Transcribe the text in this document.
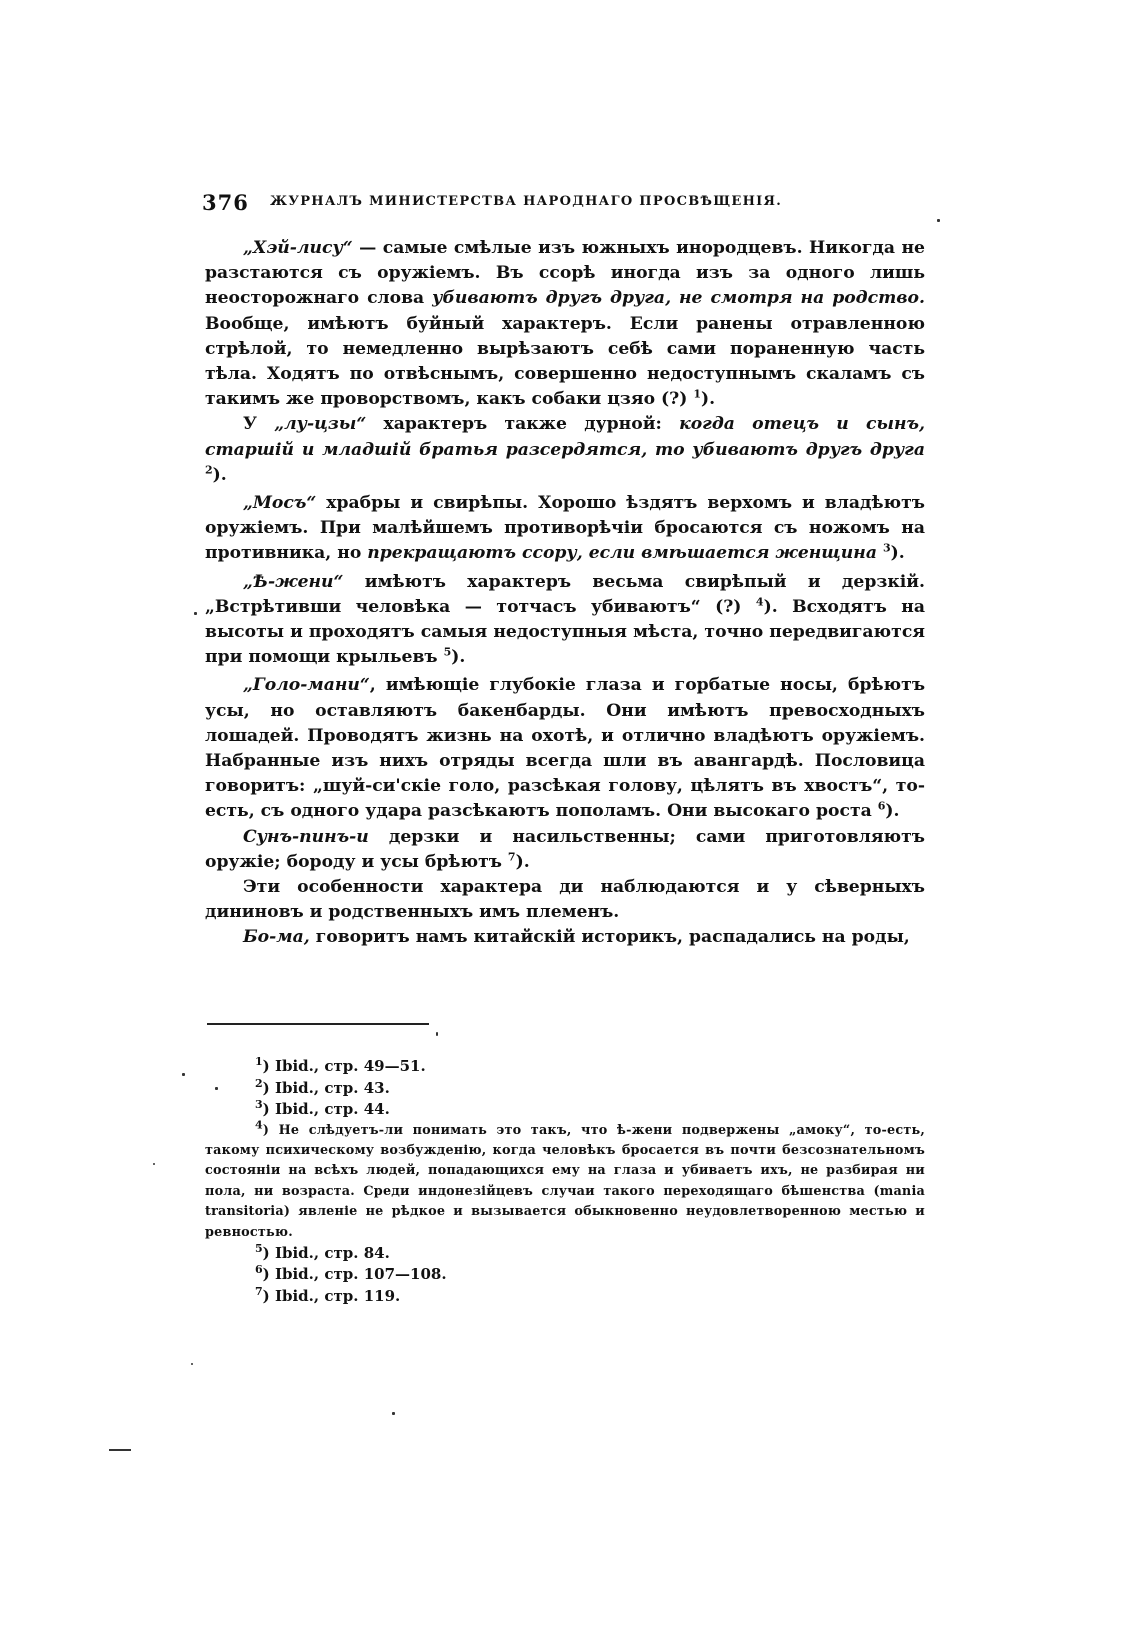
376 ЖУРНАЛЪ МИНИСТЕРСТВА НАРОДНАГО ПРОСВѢЩЕНІЯ.

„Хэй-лису“ — самые смѣлые изъ южныхъ инородцевъ. Никогда не разстаются съ оружіемъ. Въ ссорѣ иногда изъ за одного лишь неосторожнаго слова убиваютъ другъ друга, не смотря на родство. Вообще, имѣютъ буйный характеръ. Если ранены отравленною стрѣлой, то немедленно вырѣзаютъ себѣ сами пораненную часть тѣла. Ходятъ по отвѣснымъ, совершенно недоступнымъ скаламъ съ такимъ же проворствомъ, какъ собаки цзяо (?) $^1$).

У „лу-цзы“ характеръ также дурной: когда отецъ и сынъ, старшій и младшій братья разсердятся, то убиваютъ другъ друга $^2$).

„Мосъ“ храбры и свирѣпы. Хорошо ѣздятъ верхомъ и владѣютъ оружіемъ. При малѣйшемъ противорѣчіи бросаются съ ножомъ на противника, но прекращаютъ ссору, если вмѣшается женщина $^3$).

„Ѣ-жени“ имѣютъ характеръ весьма свирѣпый и дерзкій. „Встрѣтивши человѣка — тотчасъ убиваютъ“ (?) $^4$). Всходятъ на высоты и проходятъ самыя недоступныя мѣста, точно передвигаются при помощи крыльевъ $^5$).

„Голо-мани“, имѣющіе глубокіе глаза и горбатые носы, брѣютъ усы, но оставляютъ бакенбарды. Они имѣютъ превосходныхъ лошадей. Проводятъ жизнь на охотѣ, и отлично владѣютъ оружіемъ. Набранные изъ нихъ отряды всегда шли въ авангардѣ. Пословица говоритъ: „шуй-си'скіе голо, разсѣкая голову, цѣлятъ въ хвостъ“, то-есть, съ одного удара разсѣкаютъ пополамъ. Они высокаго роста $^6$).

Сунъ-пинъ-и дерзки и насильственны; сами приготовляютъ оружіе; бороду и усы брѣютъ $^7$).

Эти особенности характера ди наблюдаются и у сѣверныхъ дининовъ и родственныхъ имъ племенъ.

Бо-ма, говоритъ намъ китайскій историкъ, распадались на роды,

$^1$) Ibid., стр. 49—51.

$^2$) Ibid., стр. 43.

$^3$) Ibid., стр. 44.

$^4$) Не слѣдуетъ-ли понимать это такъ, что ѣ-жени подвержены „амоку“, то-есть, такому психическому возбужденію, когда человѣкъ бросается въ почти безсознательномъ состояніи на всѣхъ людей, попадающихся ему на глаза и убиваетъ ихъ, не разбирая ни пола, ни возраста. Среди индонезійцевъ случаи такого переходящаго бѣшенства (mania transitoria) явленіе не рѣдкое и вызывается обыкновенно неудовлетворенною местью и ревностью.

$^5$) Ibid., стр. 84.

$^6$) Ibid., стр. 107—108.

$^7$) Ibid., стр. 119.
